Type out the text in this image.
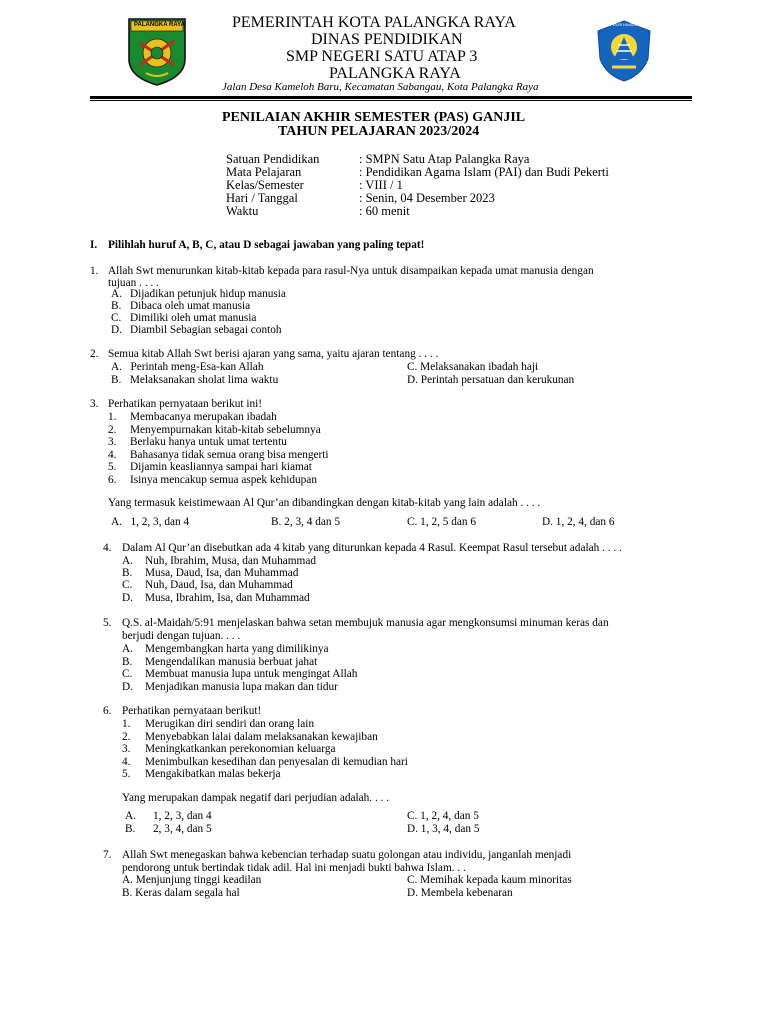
PALANGKA RAYA	TUT WURI HANDAYANI
PEMERINTAH KOTA PALANGKA RAYA
DINAS PENDIDIKAN
SMP NEGERI SATU ATAP 3
PALANGKA RAYA
Jalan Desa Kameloh Baru, Kecamatan Sabangau, Kota Palangka Raya
PENILAIAN AKHIR SEMESTER (PAS) GANJIL
TAHUN PELAJARAN 2023/2024
Satuan Pendidikan	: SMPN Satu Atap Palangka Raya
Mata Pelajaran	: Pendidikan Agama Islam (PAI) dan Budi Pekerti
Kelas/Semester	: VIII / 1
Hari / Tanggal	: Senin, 04 Desember 2023
Waktu	: 60 menit
I. Pilihlah huruf A, B, C, atau D sebagai jawaban yang paling tepat!
1. Allah Swt menurunkan kitab-kitab kepada para rasul-Nya untuk disampaikan kepada umat manusia dengan
tujuan . . . .
A. Dijadikan petunjuk hidup manusia
B. Dibaca oleh umat manusia
C. Dimiliki oleh umat manusia
D. Diambil Sebagian sebagai contoh
2. Semua kitab Allah Swt berisi ajaran yang sama, yaitu ajaran tentang . . . .
A.   Perintah meng-Esa-kan Allah	C. Melaksanakan ibadah haji
B.   Melaksanakan sholat lima waktu	D. Perintah persatuan dan kerukunan
3. Perhatikan pernyataan berikut ini!
1. Membacanya merupakan ibadah
2. Menyempurnakan kitab-kitab sebelumnya
3. Berlaku hanya untuk umat tertentu
4. Bahasanya tidak semua orang bisa mengerti
5. Dijamin keasliannya sampai hari kiamat
6. Isinya mencakup semua aspek kehidupan
Yang termasuk keistimewaan Al Qur’an dibandingkan dengan kitab-kitab yang lain adalah . . . .
A.   1, 2, 3, dan 4	B. 2, 3, 4 dan 5	C. 1, 2, 5 dan 6	D. 1, 2, 4, dan 6
4. Dalam Al Qur’an disebutkan ada 4 kitab yang diturunkan kepada 4 Rasul. Keempat Rasul tersebut adalah . . . .
A. Nuh, Ibrahim, Musa, dan Muhammad
B. Musa, Daud, Isa, dan Muhammad
C. Nuh, Daud, Isa, dan Muhammad
D. Musa, Ibrahim, Isa, dan Muhammad
5. Q.S. al-Maidah/5:91 menjelaskan bahwa setan membujuk manusia agar mengkonsumsi minuman keras dan
berjudi dengan tujuan. . . .
A. Mengembangkan harta yang dimilikinya
B. Mengendalikan manusia berbuat jahat
C. Membuat manusia lupa untuk mengingat Allah
D. Menjadikan manusia lupa makan dan tidur
6. Perhatikan pernyataan berikut!
1. Merugikan diri sendiri dan orang lain
2. Menyebabkan lalai dalam melaksanakan kewajiban
3. Meningkatkankan perekonomian keluarga
4. Menimbulkan kesedihan dan penyesalan di kemudian hari
5. Mengakibatkan malas bekerja
Yang merupakan dampak negatif dari perjudian adalah. . . .
A. 1, 2, 3, dan 4	C. 1, 2, 4, dan 5
B. 2, 3, 4, dan 5	D. 1, 3, 4, dan 5
7. Allah Swt menegaskan bahwa kebencian terhadap suatu golongan atau individu, janganlah menjadi
pendorong untuk bertindak tidak adil. Hal ini menjadi bukti bahwa Islam. . .
A. Menjunjung tinggi keadilan	C. Memihak kepada kaum minoritas
B. Keras dalam segala hal	D. Membela kebenaran
